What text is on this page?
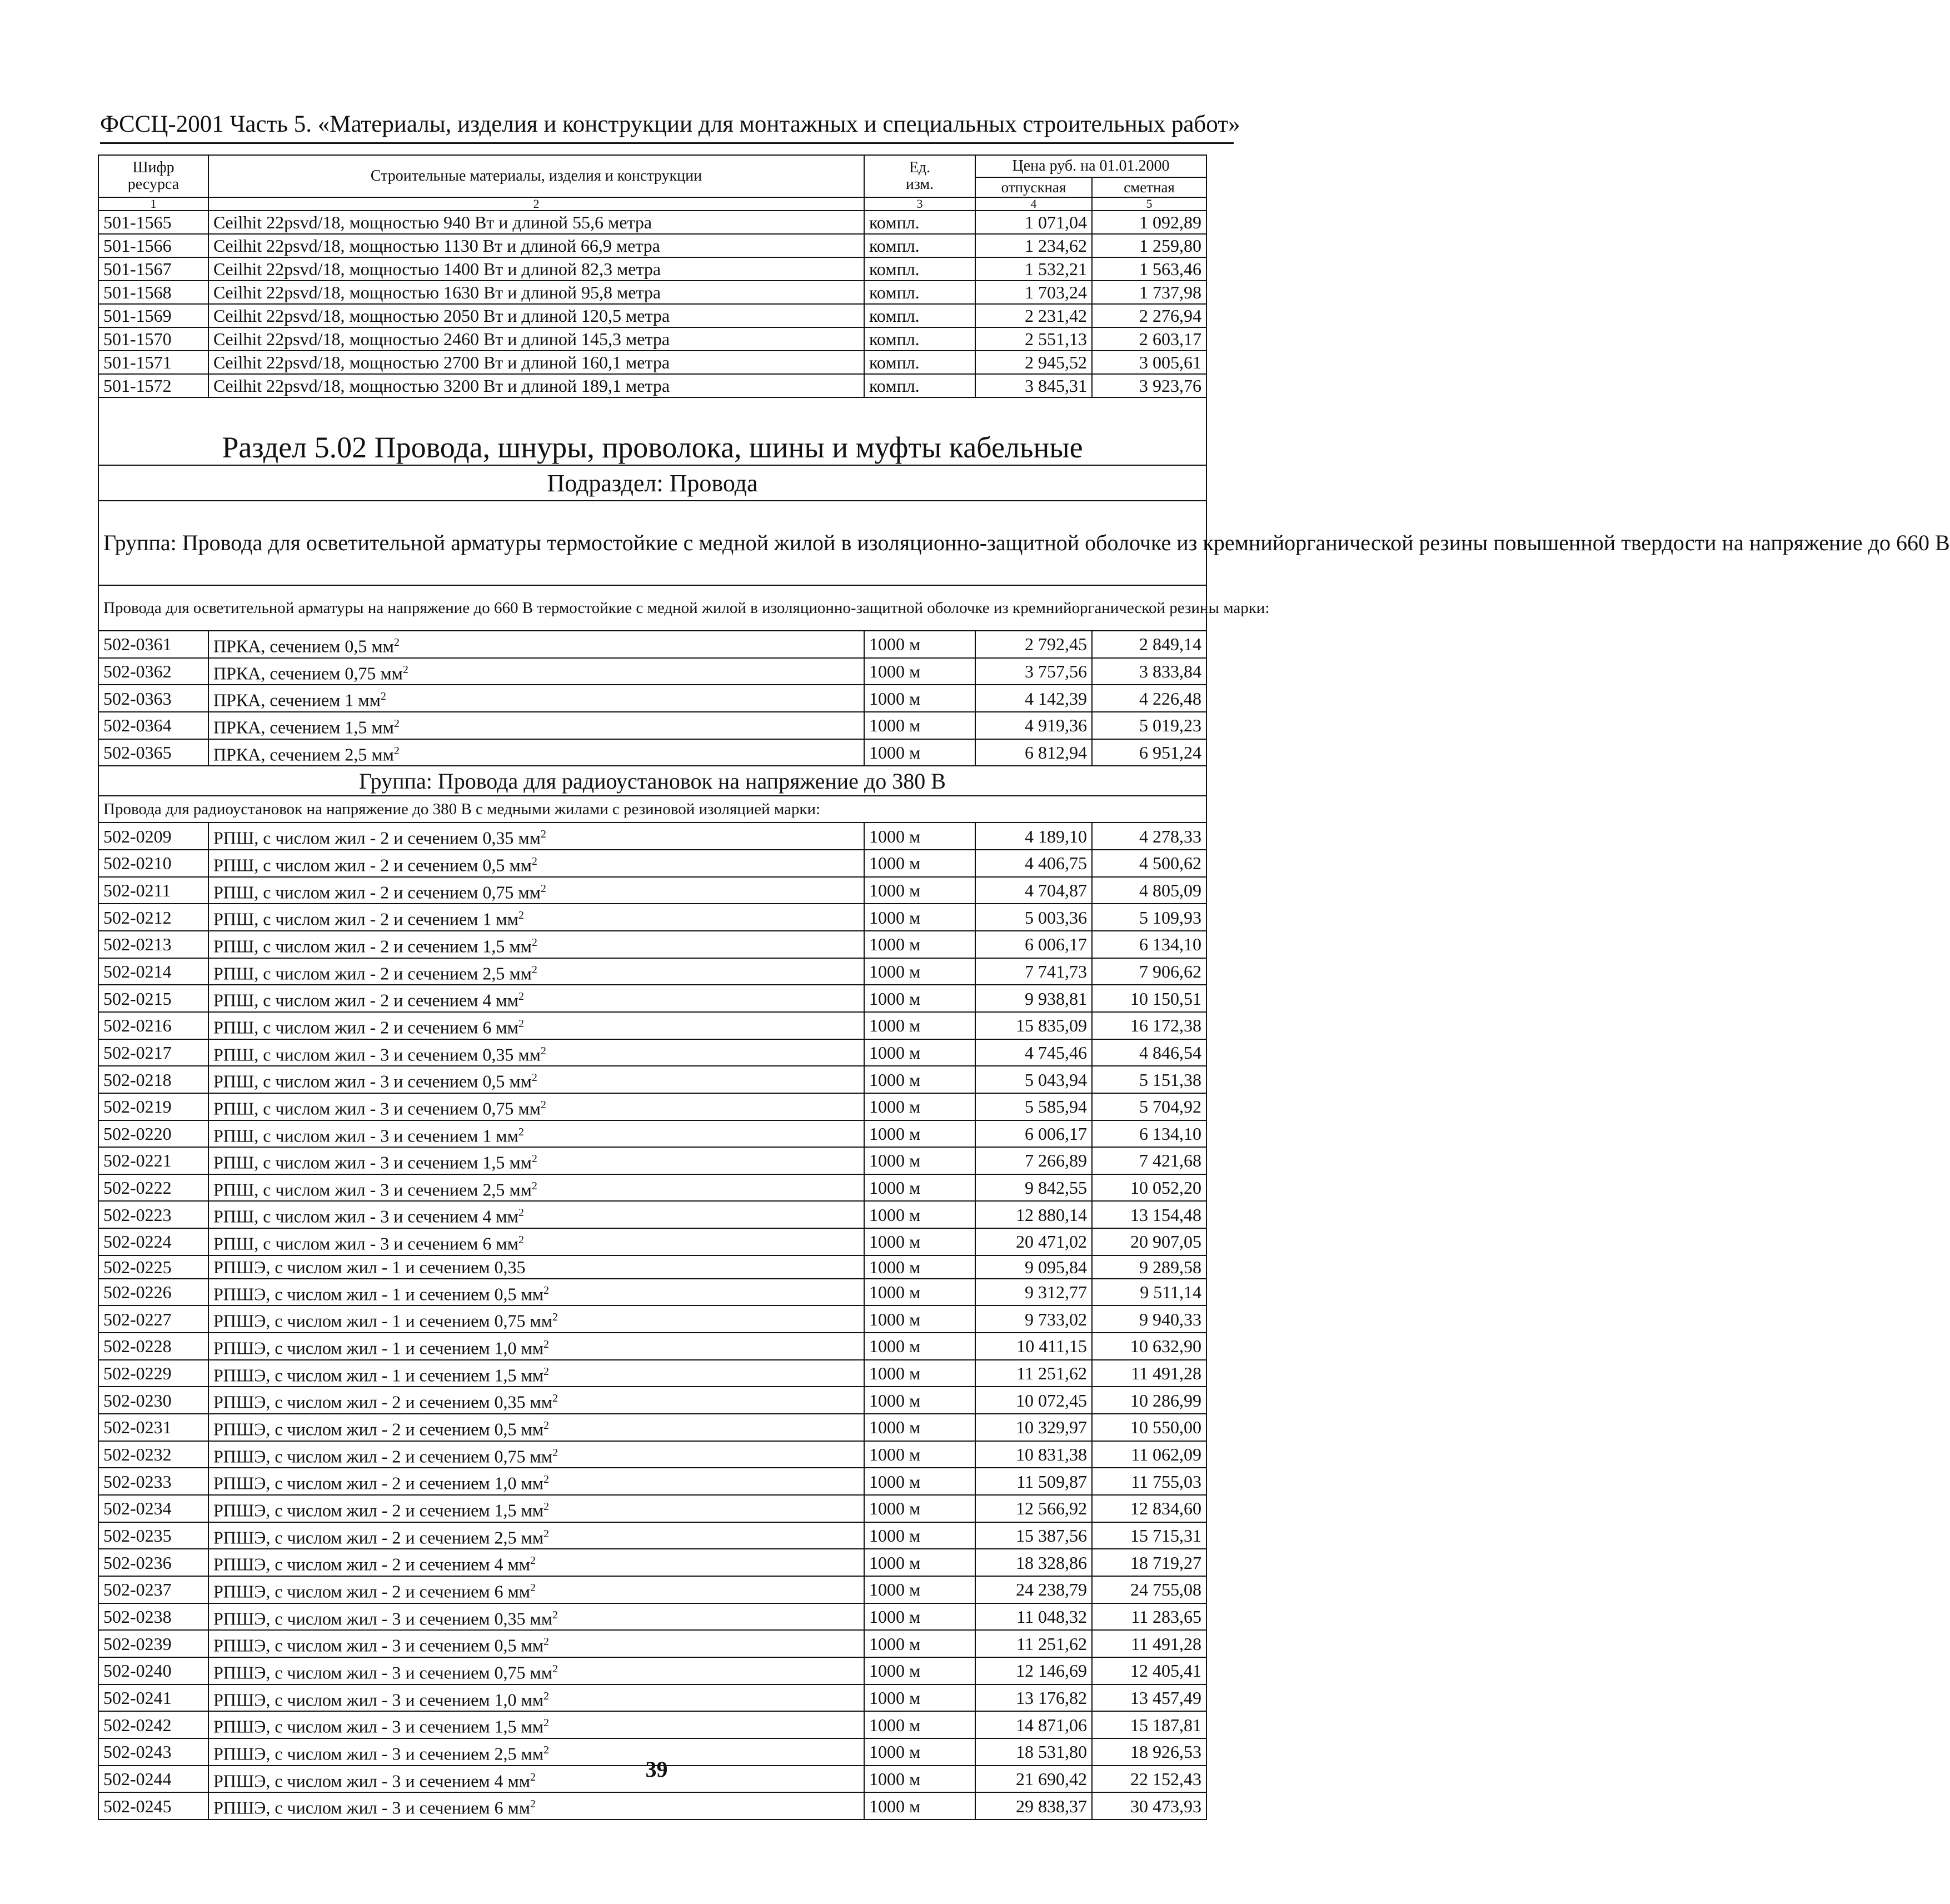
ФССЦ-2001 Часть 5. «Материалы, изделия и конструкции для монтажных и специальных строительных работ»
Шифр
ресурса	Строительные материалы, изделия и конструкции	Ед.
изм.	Цена руб. на 01.01.2000	
			отпускная	сметная
1	2	3	4	5
501-1565	Ceilhit 22psvd/18, мощностью 940 Вт и длиной 55,6 метра	компл.	1 071,04	1 092,89
501-1566	Ceilhit 22psvd/18, мощностью 1130 Вт и длиной 66,9 метра	компл.	1 234,62	1 259,80
501-1567	Ceilhit 22psvd/18, мощностью 1400 Вт и длиной 82,3 метра	компл.	1 532,21	1 563,46
501-1568	Ceilhit 22psvd/18, мощностью 1630 Вт и длиной 95,8 метра	компл.	1 703,24	1 737,98
501-1569	Ceilhit 22psvd/18, мощностью 2050 Вт и длиной 120,5 метра	компл.	2 231,42	2 276,94
501-1570	Ceilhit 22psvd/18, мощностью 2460 Вт и длиной 145,3 метра	компл.	2 551,13	2 603,17
501-1571	Ceilhit 22psvd/18, мощностью 2700 Вт и длиной 160,1 метра	компл.	2 945,52	3 005,61
501-1572	Ceilhit 22psvd/18, мощностью 3200 Вт и длиной 189,1 метра	компл.	3 845,31	3 923,76
Раздел 5.02 Провода, шнуры, проволока, шины и муфты кабельные				
Подраздел: Провода				
Группа: Провода для осветительной арматуры термостойкие с медной жилой в изоляционно-защитной оболочке из кремнийорганической резины повышенной твердости на напряжение до 660 В				
Провода для осветительной арматуры на напряжение до 660 В термостойкие с медной жилой в изоляционно-защитной оболочке из кремнийорганической резины марки:				
502-0361	ПРКА, сечением 0,5 $мм^2$	1000 м	2 792,45	2 849,14
502-0362	ПРКА, сечением 0,75 $мм^2$	1000 м	3 757,56	3 833,84
502-0363	ПРКА, сечением 1 $мм^2$	1000 м	4 142,39	4 226,48
502-0364	ПРКА, сечением 1,5 $мм^2$	1000 м	4 919,36	5 019,23
502-0365	ПРКА, сечением 2,5 $мм^2$	1000 м	6 812,94	6 951,24
Группа: Провода для радиоустановок на напряжение до 380 В				
Провода для радиоустановок на напряжение до 380 В с медными жилами с резиновой изоляцией марки:				
502-0209	РПШ, с числом жил - 2 и сечением 0,35 $мм^2$	1000 м	4 189,10	4 278,33
502-0210	РПШ, с числом жил - 2 и сечением 0,5 $мм^2$	1000 м	4 406,75	4 500,62
502-0211	РПШ, с числом жил - 2 и сечением 0,75 $мм^2$	1000 м	4 704,87	4 805,09
502-0212	РПШ, с числом жил - 2 и сечением 1 $мм^2$	1000 м	5 003,36	5 109,93
502-0213	РПШ, с числом жил - 2 и сечением 1,5 $мм^2$	1000 м	6 006,17	6 134,10
502-0214	РПШ, с числом жил - 2 и сечением 2,5 $мм^2$	1000 м	7 741,73	7 906,62
502-0215	РПШ, с числом жил - 2 и сечением 4 $мм^2$	1000 м	9 938,81	10 150,51
502-0216	РПШ, с числом жил - 2 и сечением 6 $мм^2$	1000 м	15 835,09	16 172,38
502-0217	РПШ, с числом жил - 3 и сечением 0,35 $мм^2$	1000 м	4 745,46	4 846,54
502-0218	РПШ, с числом жил - 3 и сечением 0,5 $мм^2$	1000 м	5 043,94	5 151,38
502-0219	РПШ, с числом жил - 3 и сечением 0,75 $мм^2$	1000 м	5 585,94	5 704,92
502-0220	РПШ, с числом жил - 3 и сечением 1 $мм^2$	1000 м	6 006,17	6 134,10
502-0221	РПШ, с числом жил - 3 и сечением 1,5 $мм^2$	1000 м	7 266,89	7 421,68
502-0222	РПШ, с числом жил - 3 и сечением 2,5 $мм^2$	1000 м	9 842,55	10 052,20
502-0223	РПШ, с числом жил - 3 и сечением 4 $мм^2$	1000 м	12 880,14	13 154,48
502-0224	РПШ, с числом жил - 3 и сечением 6 $мм^2$	1000 м	20 471,02	20 907,05
502-0225	РПШЭ, с числом жил - 1 и сечением 0,35	1000 м	9 095,84	9 289,58
502-0226	РПШЭ, с числом жил - 1 и сечением 0,5 $мм^2$	1000 м	9 312,77	9 511,14
502-0227	РПШЭ, с числом жил - 1 и сечением 0,75 $мм^2$	1000 м	9 733,02	9 940,33
502-0228	РПШЭ, с числом жил - 1 и сечением 1,0 $мм^2$	1000 м	10 411,15	10 632,90
502-0229	РПШЭ, с числом жил - 1 и сечением 1,5 $мм^2$	1000 м	11 251,62	11 491,28
502-0230	РПШЭ, с числом жил - 2 и сечением 0,35 $мм^2$	1000 м	10 072,45	10 286,99
502-0231	РПШЭ, с числом жил - 2 и сечением 0,5 $мм^2$	1000 м	10 329,97	10 550,00
502-0232	РПШЭ, с числом жил - 2 и сечением 0,75 $мм^2$	1000 м	10 831,38	11 062,09
502-0233	РПШЭ, с числом жил - 2 и сечением 1,0 $мм^2$	1000 м	11 509,87	11 755,03
502-0234	РПШЭ, с числом жил - 2 и сечением 1,5 $мм^2$	1000 м	12 566,92	12 834,60
502-0235	РПШЭ, с числом жил - 2 и сечением 2,5 $мм^2$	1000 м	15 387,56	15 715,31
502-0236	РПШЭ, с числом жил - 2 и сечением 4 $мм^2$	1000 м	18 328,86	18 719,27
502-0237	РПШЭ, с числом жил - 2 и сечением 6 $мм^2$	1000 м	24 238,79	24 755,08
502-0238	РПШЭ, с числом жил - 3 и сечением 0,35 $мм^2$	1000 м	11 048,32	11 283,65
502-0239	РПШЭ, с числом жил - 3 и сечением 0,5 $мм^2$	1000 м	11 251,62	11 491,28
502-0240	РПШЭ, с числом жил - 3 и сечением 0,75 $мм^2$	1000 м	12 146,69	12 405,41
502-0241	РПШЭ, с числом жил - 3 и сечением 1,0 $мм^2$	1000 м	13 176,82	13 457,49
502-0242	РПШЭ, с числом жил - 3 и сечением 1,5 $мм^2$	1000 м	14 871,06	15 187,81
502-0243	РПШЭ, с числом жил - 3 и сечением 2,5 $мм^2$	1000 м	18 531,80	18 926,53
502-0244	РПШЭ, с числом жил - 3 и сечением 4 $мм^2$	1000 м	21 690,42	22 152,43
502-0245	РПШЭ, с числом жил - 3 и сечением 6 $мм^2$	1000 м	29 838,37	30 473,93
39
